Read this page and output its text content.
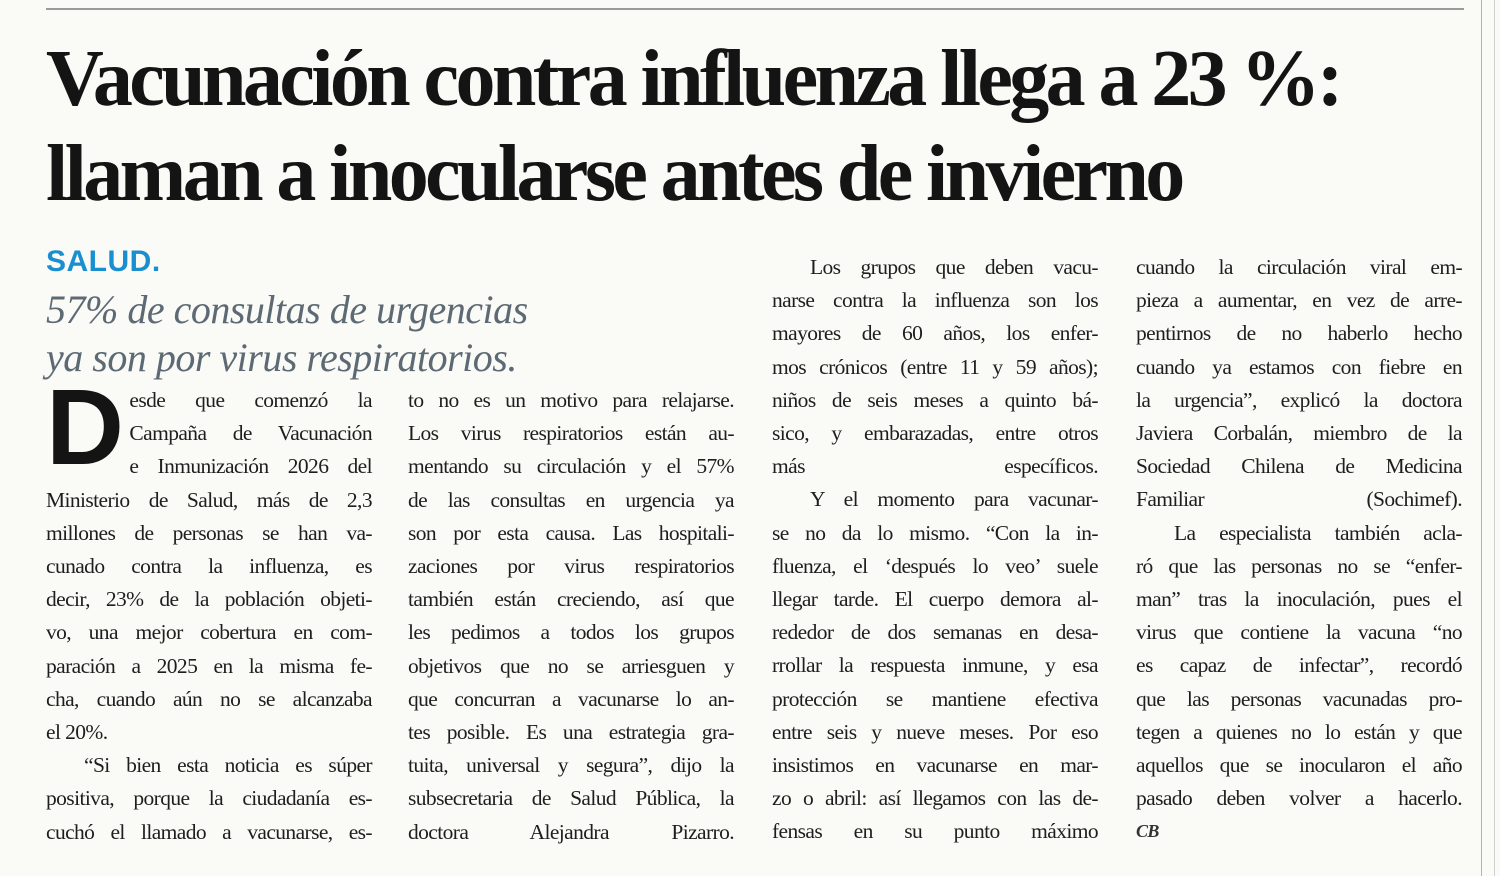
Vacunación contra influenza llega a 23 %:
llaman a inocularse antes de invierno
SALUD.
57% de consultas de urgencias
ya son por virus respiratorios.

D esde que comenzó la
Campaña de Vacunación
e Inmunización 2026 del
Ministerio de Salud, más de 2,3
millones de personas se han va-
cunado contra la influenza, es
decir, 23% de la población objeti-
vo, una mejor cobertura en com-
paración a 2025 en la misma fe-
cha, cuando aún no se alcanzaba
el 20%.

“Si bien esta noticia es súper
positiva, porque la ciudadanía es-
cuchó el llamado a vacunarse, es-

to no es un motivo para relajarse.
Los virus respiratorios están au-
mentando su circulación y el 57%
de las consultas en urgencia ya
son por esta causa. Las hospitali-
zaciones por virus respiratorios
también están creciendo, así que
les pedimos a todos los grupos
objetivos que no se arriesguen y
que concurran a vacunarse lo an-
tes posible. Es una estrategia gra-
tuita, universal y segura”, dijo la
subsecretaria de Salud Pública, la
doctora Alejandra Pizarro.

Los grupos que deben vacu-
narse contra la influenza son los
mayores de 60 años, los enfer-
mos crónicos (entre 11 y 59 años);
niños de seis meses a quinto bá-
sico, y embarazadas, entre otros
más específicos.

Y el momento para vacunar-
se no da lo mismo. “Con la in-
fluenza, el ‘después lo veo’ suele
llegar tarde. El cuerpo demora al-
rededor de dos semanas en desa-
rrollar la respuesta inmune, y esa
protección se mantiene efectiva
entre seis y nueve meses. Por eso
insistimos en vacunarse en mar-
zo o abril: así llegamos con las de-
fensas en su punto máximo

cuando la circulación viral em-
pieza a aumentar, en vez de arre-
pentirnos de no haberlo hecho
cuando ya estamos con fiebre en
la urgencia”, explicó la doctora
Javiera Corbalán, miembro de la
Sociedad Chilena de Medicina
Familiar (Sochimef).

La especialista también acla-
ró que las personas no se “enfer-
man” tras la inoculación, pues el
virus que contiene la vacuna “no
es capaz de infectar”, recordó
que las personas vacunadas pro-
tegen a quienes no lo están y que
aquellos que se inocularon el año
pasado deben volver a hacerlo.
CB
